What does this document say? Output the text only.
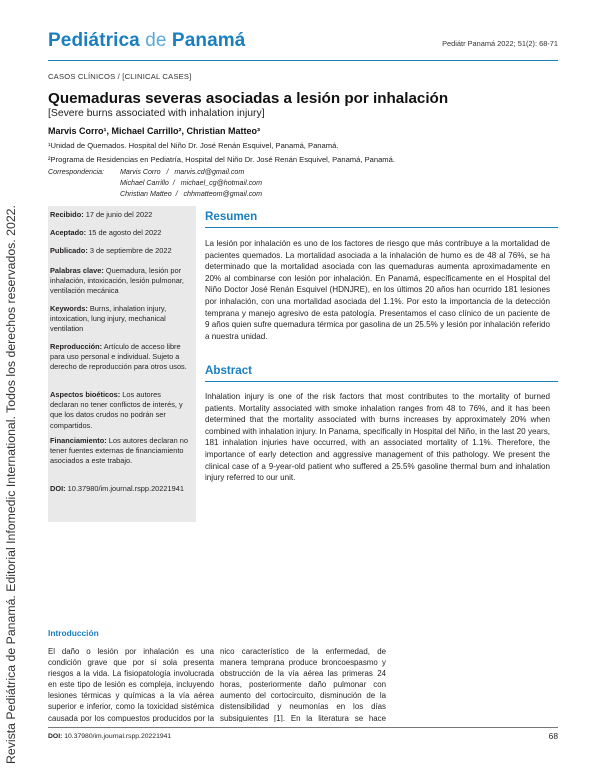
Pediátrica de Panamá	Pediátr Panamá 2022; 51(2): 68-71
Revista Pediátrica de Panamá. Editorial Infomedic International. Todos los derechos reservados. 2022.
CASOS CLÍNICOS / [CLINICAL CASES]
Quemaduras severas asociadas a lesión por inhalación
[Severe burns associated with inhalation injury]
Marvis Corro¹, Michael Carrillo², Christian Matteo³
¹Unidad de Quemados. Hospital del Niño Dr. José Renán Esquivel, Panamá, Panamá.
²Programa de Residencias en Pediatría, Hospital del Niño Dr. José Renán Esquivel, Panamá, Panamá.
Correspondencia: Marvis Corro   /   marvis.cd@gmail.com
Michael Carrillo  /   michael_cg@hotmail.com
Christian Matteo  /   chhmatteom@gmail.com
Recibido: 17 de junio del 2022
Aceptado: 15 de agosto del 2022
Publicado: 3 de septiembre de 2022
Palabras clave: Quemadura, lesión por inhalación, intoxicación, lesión pulmonar, ventilación mecánica
Keywords: Burns, inhalation injury, intoxication, lung injury, mechanical ventilation
Reproducción: Artículo de acceso libre para uso personal e individual. Sujeto a derecho de reproducción para otros usos.
Aspectos bioéticos: Los autores declaran no tener conflictos de interés, y que los datos crudos no podrán ser compartidos.
Financiamiento: Los autores declaran no tener fuentes externas de financiamiento asociados a este trabajo.
DOI: 10.37980/im.journal.rspp.20221941
Resumen
La lesión por inhalación es uno de los factores de riesgo que más contribuye a la mortalidad de pacientes quemados. La mortalidad asociada a la inhalación de humo es de 48 al 76%, se ha determinado que la mortalidad asociada con las quemaduras aumenta aproximadamente en 20% al combinarse con lesión por inhalación. En Panamá, específicamente en el Hospital del Niño Doctor José Renán Esquivel (HDNJRE), en los últimos 20 años han ocurrido 181 lesiones por inhalación, con una mortalidad asociada del 1.1%. Por esto la importancia de la detección temprana y manejo agresivo de esta patología. Presentamos el caso clínico de un paciente de 9 años quien sufre quemadura térmica por gasolina de un 25.5% y lesión por inhalación referido a nuestra unidad.
Abstract
Inhalation injury is one of the risk factors that most contributes to the mortality of burned patients. Mortality associated with smoke inhalation ranges from 48 to 76%, and it has been determined that the mortality associated with burns increases by approximately 20% when combined with inhalation injury. In Panama, specifically in Hospital del Niño, in the last 20 years, 181 inhalation injuries have occurred, with an associated mortality of 1.1%. Therefore, the importance of early detection and aggressive management of this pathology. We present the clinical case of a 9-year-old patient who suffered a 25.5% gasoline thermal burn and inhalation injury referred to our unit.
Introducción
El daño o lesión por inhalación es una condición grave que por sí sola presenta riesgos a la vida. La fisiopatología involucrada en este tipo de lesión es compleja, incluyendo lesiones térmicas y químicas a la vía aérea superior e inferior, como la toxicidad sistémica causada por los compuestos producidos por la
nico característico de la enfermedad, de manera temprana produce broncoespasmo y obstrucción de la vía aérea las primeras 24 horas, posteriormente daño pulmonar con aumento del cortocircuito, disminución de la distensibilidad y neumonías en los días subsiguientes [1]. En la literatura se hace
DOI: 10.37980/im.journal.rspp.20221941	68
